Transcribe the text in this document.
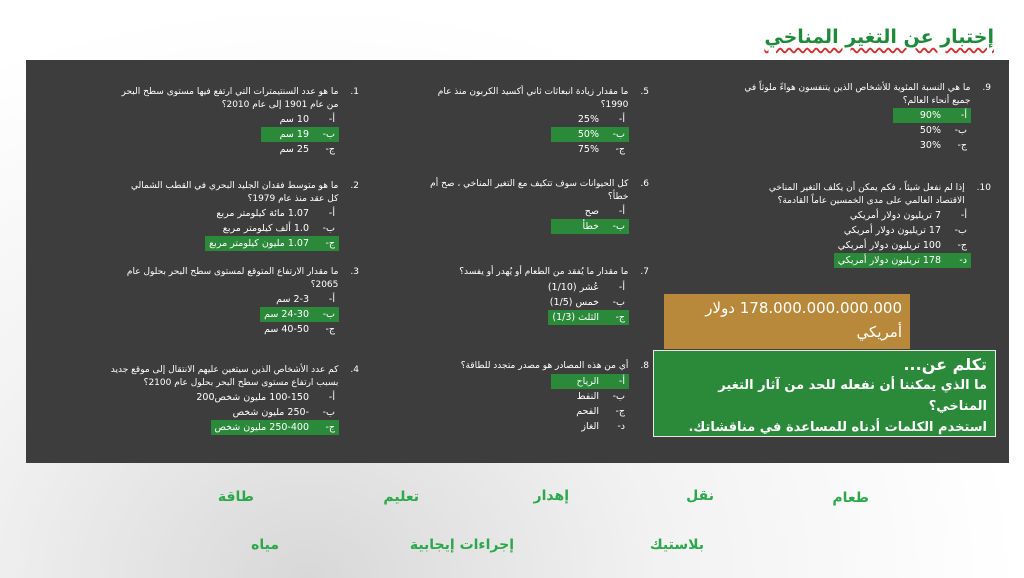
إختبار عن التغير المناخي
9.
ما هي النسبة المئوية للأشخاص الذين يتنفسون هواءً ملوثاً في جميع أنحاء العالم؟
أ-
90%
ب-
50%
ج-
30%
10.
إذا لم نفعل شيئاً ، فكم يمكن أن يكلف التغير المناخي الاقتصاد العالمي على مدى الخمسين عاماً القادمة؟
أ-
7 تريليون دولار أمريكي
ب-
17 تريليون دولار أمريكي
ج-
100 تريليون دولار أمريكي
د-
178 تريليون دولار أمريكي
5.
ما مقدار زيادة انبعاثات ثاني أكسيد الكربون منذ عام 1990؟
أ-
25%
ب-
50%
ج-
75%
6.
كل الحيوانات سوف تتكيف مع التغير المناخي ، صح أم خطأ؟
أ-
صح
ب-
خطأ
7.
ما مقدار ما يُفقد من الطعام أو يُهدر أو يفسد؟
أ-
عُشر (1/10)
ب-
خمس (1/5)
ج-
الثلث (1/3)
8.
أي من هذه المصادر هو مصدر متجدد للطاقة؟
أ-
الرياح
ب-
النفط
ج-
الفحم
د-
الغاز
1.
ما هو عدد السنتيمترات التي ارتفع فيها مستوى سطح البحر من عام 1901 إلى عام 2010؟
أ-
10 سم
ب-
19 سم
ج-
25 سم
2.
ما هو متوسط فقدان الجليد البحري في القطب الشمالي كل عقد منذ عام 1979؟
أ-
1.07 مائة كيلومتر مربع
ب-
1.0 ألف كيلومتر مربع
ج-
1.07 مليون كيلومتر مربع
3.
ما مقدار الارتفاع المتوقع لمستوى سطح البحر بحلول عام 2065؟
أ-
2-3 سم
ب-
24-30 سم
ج-
40-50 سم
4.
كم عدد الأشخاص الذين سيتعين عليهم الانتقال إلى موقع جديد بسبب ارتفاع مستوى سطح البحر بحلول عام 2100؟
أ-
100-150 مليون شخص200
ب-
-250 مليون شخص
ج-
250-400 مليون شخص
178.000.000.000.000 دولار أمريكي
تكلم عن...
ما الذي يمكننا أن نفعله للحد من آثار التغير المناخي؟
استخدم الكلمات أدناه للمساعدة في مناقشاتك.
طعام
نقل
إهدار
تعليم
طاقة
بلاستيك
إجراءات إيجابية
مياه
